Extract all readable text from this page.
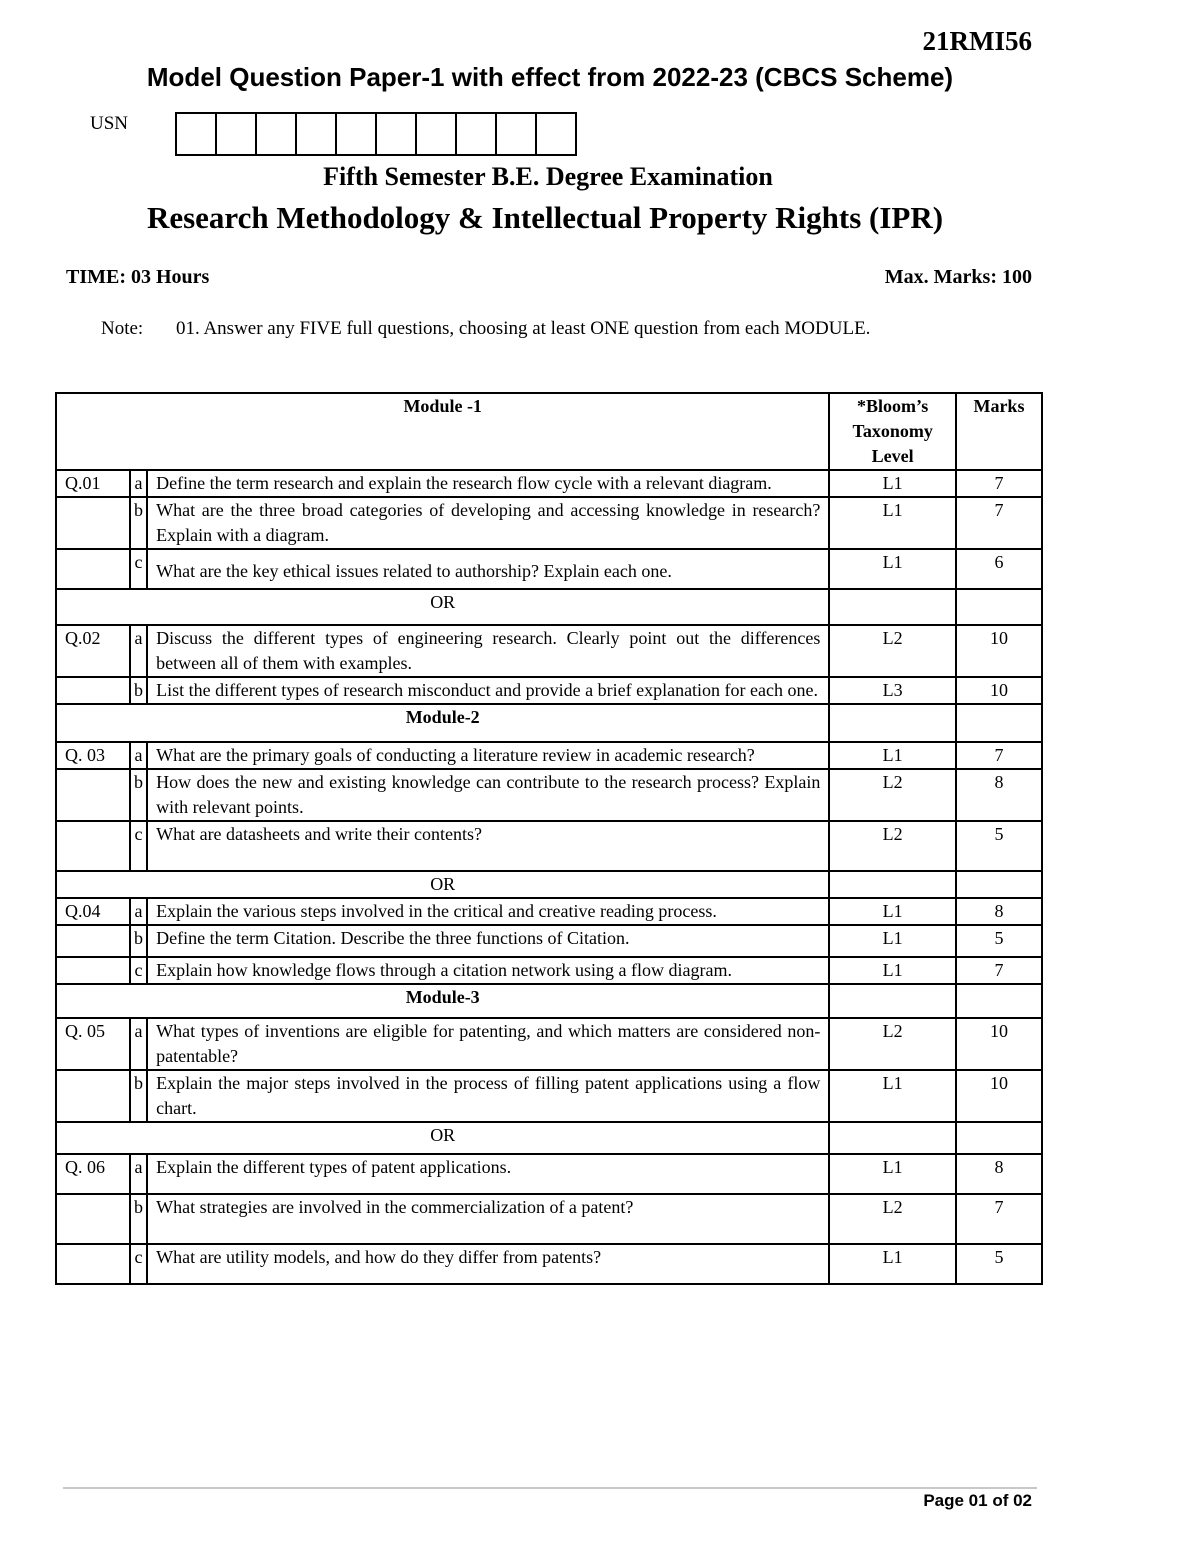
21RMI56
Model Question Paper-1 with effect from 2022-23 (CBCS Scheme)
USN
Fifth Semester B.E. Degree Examination
Research Methodology & Intellectual Property Rights (IPR)
TIME: 03 Hours	Max. Marks: 100
Note: 01. Answer any FIVE full questions, choosing at least ONE question from each MODULE.
Module -1			*Bloom’s Taxonomy Level	Marks
Q.01	a	Define the term research and explain the research flow cycle with a relevant diagram.	L1	7
	b	What are the three broad categories of developing and accessing knowledge in research? Explain with a diagram.	L1	7
	c	What are the key ethical issues related to authorship? Explain each one.	L1	6
OR				
Q.02	a	Discuss the different types of engineering research. Clearly point out the differences between all of them with examples.	L2	10
	b	List the different types of research misconduct and provide a brief explanation for each one.	L3	10
Module-2				
Q. 03	a	What are the primary goals of conducting a literature review in academic research?	L1	7
	b	How does the new and existing knowledge can contribute to the research process? Explain with relevant points.	L2	8
	c	What are datasheets and write their contents?	L2	5
OR				
Q.04	a	Explain the various steps involved in the critical and creative reading process.	L1	8
	b	Define the term Citation. Describe the three functions of Citation.	L1	5
	c	Explain how knowledge flows through a citation network using a flow diagram.	L1	7
Module-3				
Q. 05	a	What types of inventions are eligible for patenting, and which matters are considered non-patentable?	L2	10
	b	Explain the major steps involved in the process of filling patent applications using a flow chart.	L1	10
OR				
Q. 06	a	Explain the different types of patent applications.	L1	8
	b	What strategies are involved in the commercialization of a patent?	L2	7
	c	What are utility models, and how do they differ from patents?	L1	5
Page 01 of 02
